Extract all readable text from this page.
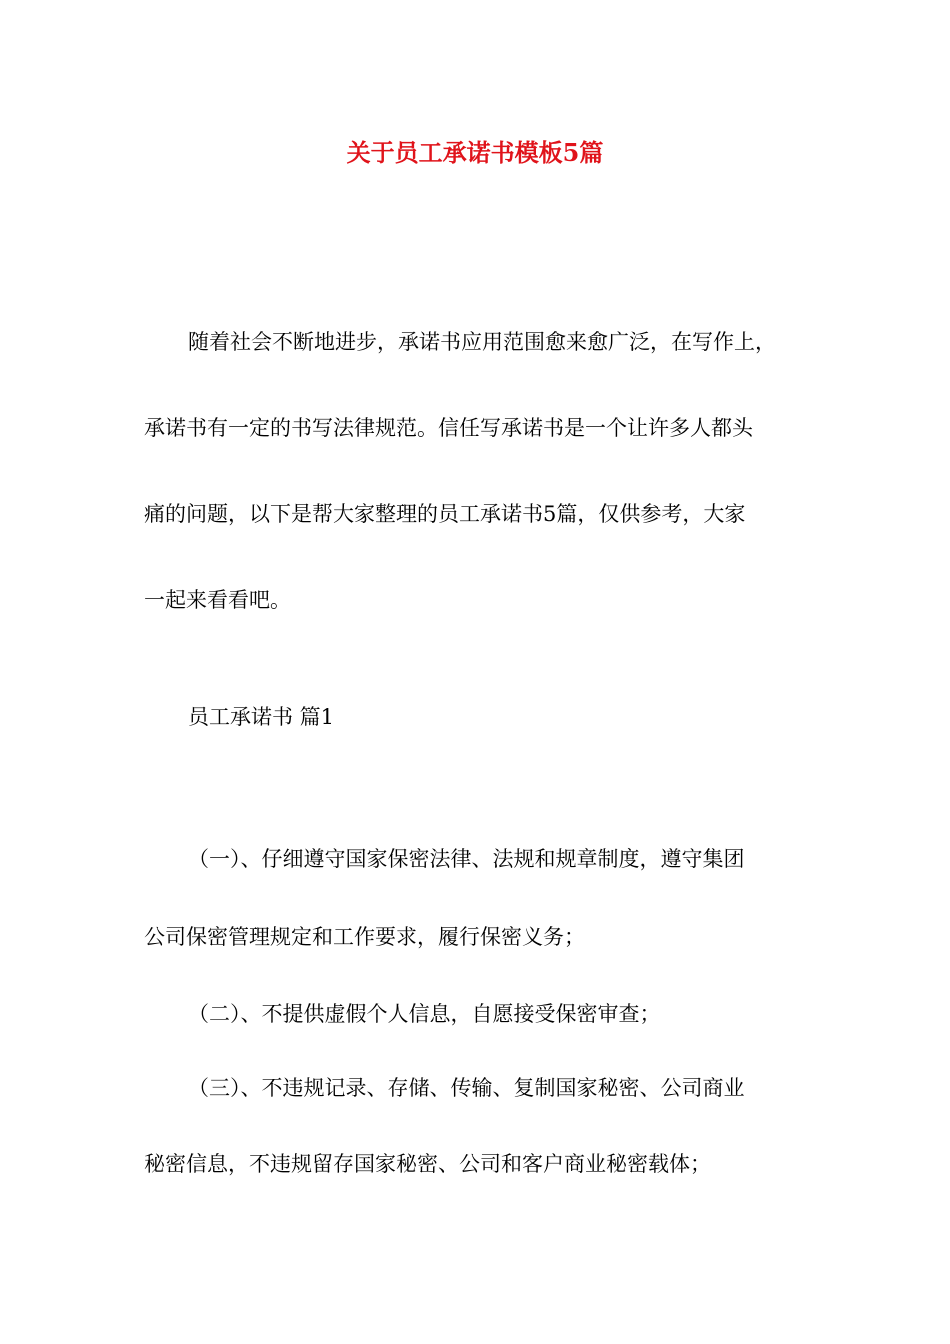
关于员工承诺书模板5篇
随着社会不断地进步，承诺书应用范围愈来愈广泛，在写作上，
承诺书有一定的书写法律规范。信任写承诺书是一个让许多人都头
痛的问题，以下是帮大家整理的员工承诺书5篇，仅供参考，大家
一起来看看吧。
员工承诺书 篇1
（一）、仔细遵守国家保密法律、法规和规章制度，遵守集团
公司保密管理规定和工作要求，履行保密义务；
（二）、不提供虚假个人信息，自愿接受保密审查；
（三）、不违规记录、存储、传输、复制国家秘密、公司商业
秘密信息，不违规留存国家秘密、公司和客户商业秘密载体；
